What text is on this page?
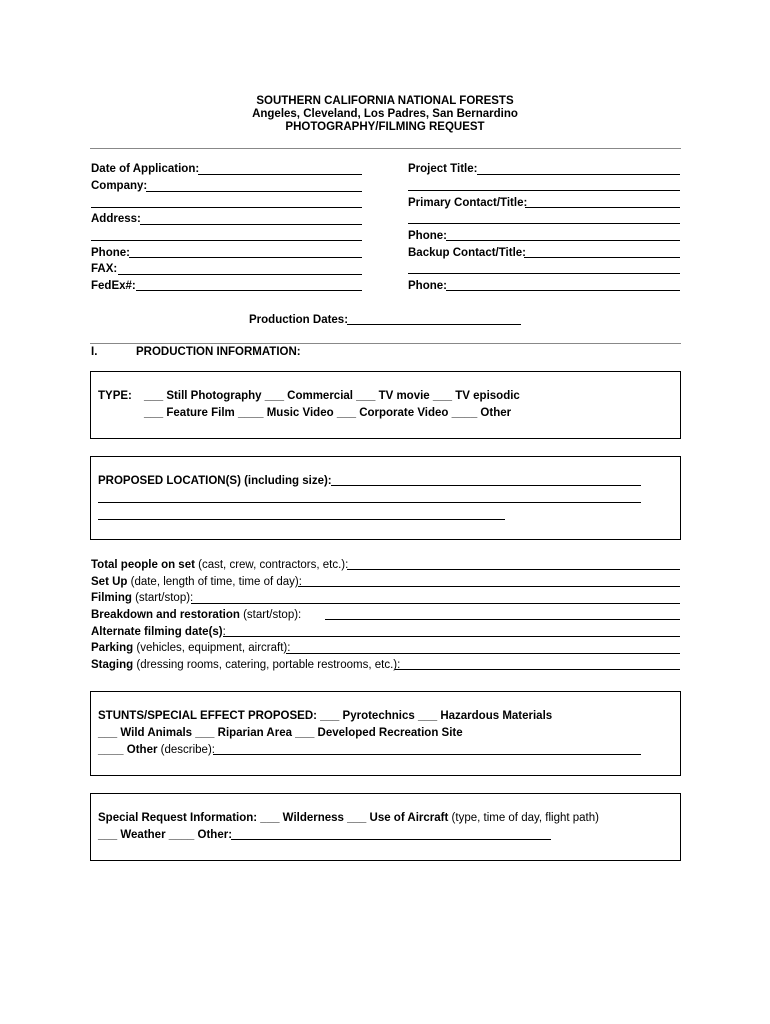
SOUTHERN CALIFORNIA NATIONAL FORESTS
Angeles, Cleveland, Los Padres, San Bernardino
PHOTOGRAPHY/FILMING REQUEST
Date of Application:
Company:
Address:
Phone:
FAX:
FedEx#:
Project Title:
Primary Contact/Title:
Phone:
Backup Contact/Title:
Phone:
Production Dates:
I.	PRODUCTION INFORMATION:
TYPE: ___ Still Photography ___ Commercial ___ TV movie ___ TV episodic
___ Feature Film ____ Music Video ___ Corporate Video ____ Other
PROPOSED LOCATION(S) (including size):
Total people on set (cast, crew, contractors, etc.):
Set Up (date, length of time, time of day):
Filming (start/stop):
Breakdown and restoration (start/stop):
Alternate filming date(s):
Parking (vehicles, equipment, aircraft):
Staging (dressing rooms, catering, portable restrooms, etc.):
STUNTS/SPECIAL EFFECT PROPOSED: ___ Pyrotechnics ___ Hazardous Materials
___ Wild Animals ___ Riparian Area ___ Developed Recreation Site
____ Other (describe):
Special Request Information: ___ Wilderness ___ Use of Aircraft (type, time of day, flight path)
___ Weather ____ Other:
